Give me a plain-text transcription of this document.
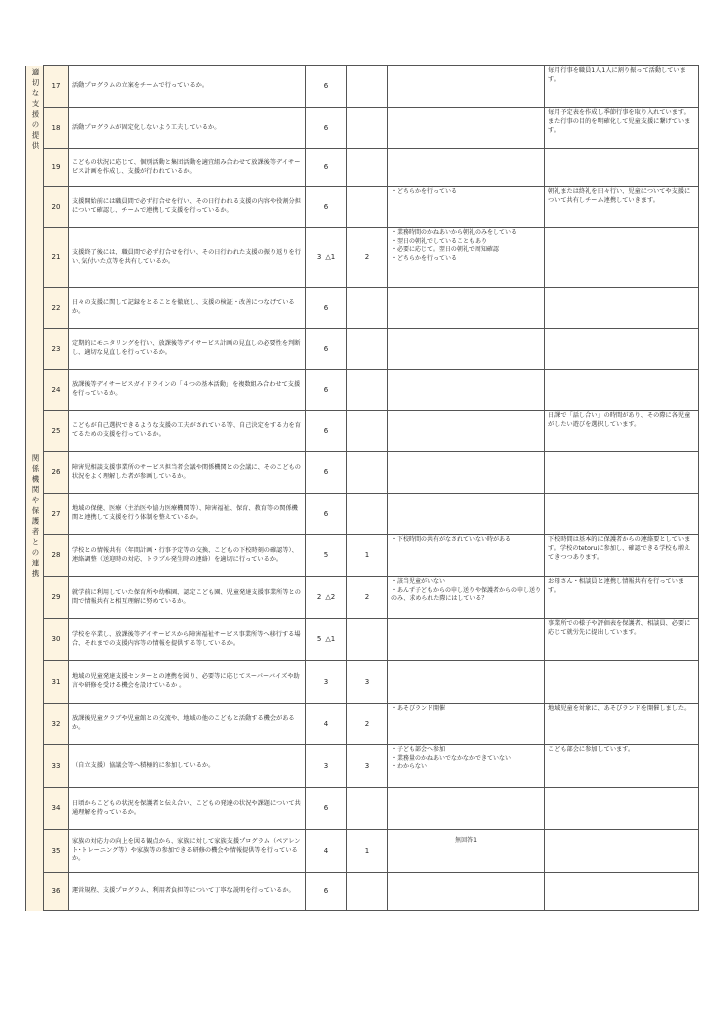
適切な支援の提供	17	活動プログラムの立案をチームで行っているか。	6			毎月行事を職員1人1人に割り振って活動しています。
	18	活動プログラムが固定化しないよう工夫しているか。	6			毎月予定表を作成し季節行事を取り入れています。また行事の目的を明確化して児童支援に繋げています。
	19	こどもの状況に応じて、個別活動と集団活動を適宜組み合わせて放課後等デイサービス計画を作成し、支援が行われているか。	6			
	20	支援開始前には職員間で必ず打合せを行い、その日行われる支援の内容や役割分担について確認し、チームで連携して支援を行っているか。	6		・どちらかを行っている	朝礼または終礼を日々行い、児童についてや支援について共有しチーム連携していきます。
	21	支援終了後には、職員間で必ず打合せを行い、その日行われた支援の振り返りを行い､気付いた点等を共有しているか。	3 △1	2	・業務時間のかねあいから朝礼のみをしている
・翌日の朝礼でしていることもあり
・必要に応じて。翌日の朝礼で周知確認
・どちらかを行っている	

	22	日々の支援に関して記録をとることを徹底し、支援の検証・改善につなげているか。	6			
	23	定期的にモニタリングを行い、放課後等デイサービス計画の見直しの必要性を判断し、適切な見直しを行っているか。	6			
	24	放課後等デイサービスガイドラインの「４つの基本活動」を複数組み合わせて支援を行っているか。	6			
	25	こどもが自己選択できるような支援の工夫がされている等、自己決定をする力を育てるための支援を行っているか。	6			日課で「話し合い」の時間があり、その際に各児童がしたい遊びを選択しています。
関係機関や保護者との連携	26	障害児相談支援事業所のサービス担当者会議や関係機関との会議に、そのこどもの状況をよく理解した者が参画しているか。	6			
	27	地域の保健、医療（主治医や協力医療機関等）、障害福祉、保育、教育等の関係機関と連携して支援を行う体制を整えているか。	6			
	28	学校との情報共有（年間計画・行事予定等の交換、こどもの下校時刻の確認等）、連絡調整（送迎時の対応、トラブル発生時の連絡）を適切に行っているか。	5	1	・下校時間の共有がなされていない時がある	下校時間は基本的に保護者からの連絡要としています。学校のtetoruに参加し、確認できる学校も増えてきつつあります。
	29	就学前に利用していた保育所や幼稚園、認定こども園、児童発達支援事業所等との間で情報共有と相互理解に努めているか。	2 △2	2	・該当児童がいない
・あんず子どもからの申し送りや保護者からの申し送りのみ、求められた際にはしている？	お母さん・相談員と連携し情報共有を行っています。
	30	学校を卒業し、放課後等デイサービスから障害福祉サービス事業所等へ移行する場合、それまでの支援内容等の情報を提供する等しているか。	5 △1			事業所での様子や評価表を保護者、相談員、必要に応じて就労先に提出しています。
	31	地域の児童発達支援センターとの連携を図り、必要等に応じてスーパーバイズや助言や研修を受ける機会を設けているか 。	3	3		
	32	放課後児童クラブや児童館との交流や、地域の他のこどもと活動する機会があるか。	4	2	・あそびランド開催	地域児童を対象に、あそびランドを開催しました。
	33	（自立支援）協議会等へ積極的に参加しているか。	3	3	・子ども部会へ参加
・業務量のかねあいでなかなかできていない
・わからない	こども部会に参加しています。
	34	日頃からこどもの状況を保護者と伝え合い、こどもの発達の状況や課題について共通理解を持っているか。	6			
	35	家族の対応力の向上を図る観点から、家族に対して家族支援プログラム（ペアレント･トレーニング等）や家族等の参加できる研修の機会や情報提供等を行っているか。	4	1	無回答1	

	36	運営規程、支援プログラム、利用者負担等について丁寧な説明を行っているか。	6			
